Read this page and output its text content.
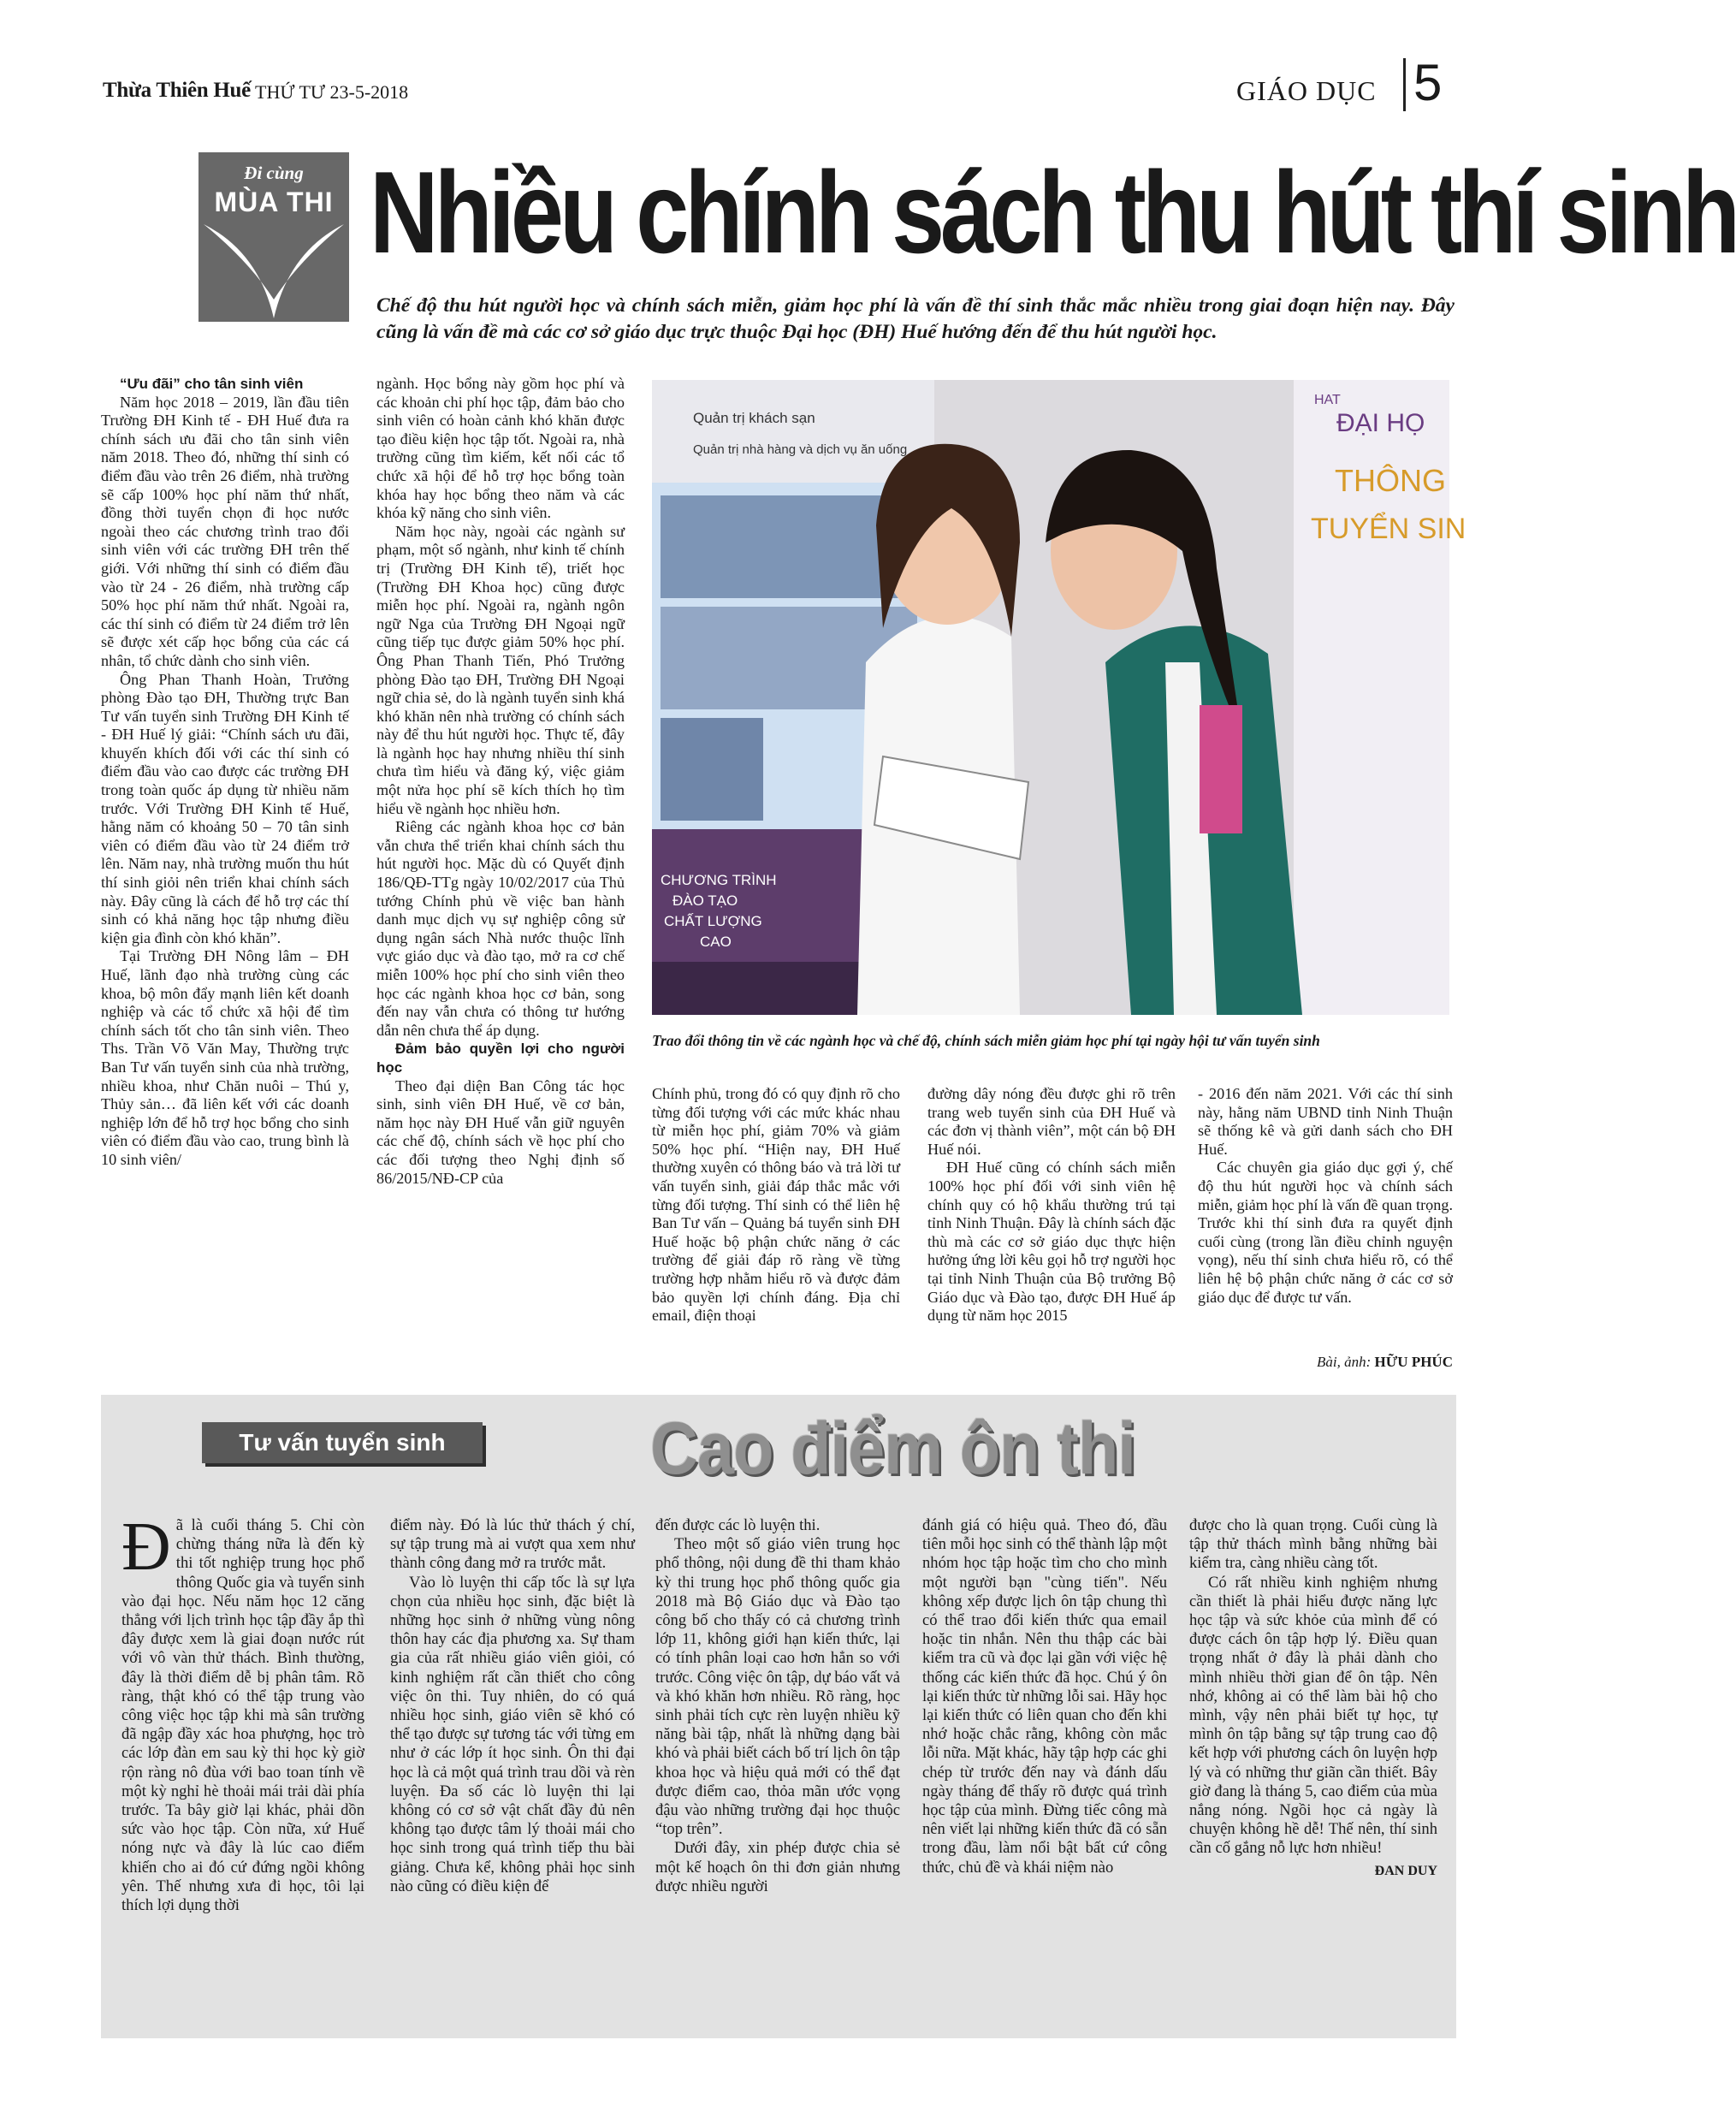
Thừa Thiên Huế THỨ TƯ 23-5-2018	GIÁO DỤC 5
Đi cùng
MÙA THI Nhiều chính sách thu hút thí sinh
Chế độ thu hút người học và chính sách miễn, giảm học phí là vấn đề thí sinh thắc mắc nhiều trong giai đoạn hiện nay. Đây cũng là vấn đề mà các cơ sở giáo dục trực thuộc Đại học (ĐH) Huế hướng đến để thu hút người học.

“Ưu đãi” cho tân sinh viên

Năm học 2018 – 2019, lần đầu tiên Trường ĐH Kinh tế - ĐH Huế đưa ra chính sách ưu đãi cho tân sinh viên năm 2018. Theo đó, những thí sinh có điểm đầu vào trên 26 điểm, nhà trường sẽ cấp 100% học phí năm thứ nhất, đồng thời tuyển chọn đi học nước ngoài theo các chương trình trao đổi sinh viên với các trường ĐH trên thế giới. Với những thí sinh có điểm đầu vào từ 24 - 26 điểm, nhà trường cấp 50% học phí năm thứ nhất. Ngoài ra, các thí sinh có điểm từ 24 điểm trở lên sẽ được xét cấp học bổng của các cá nhân, tổ chức dành cho sinh viên.

Ông Phan Thanh Hoàn, Trưởng phòng Đào tạo ĐH, Thường trực Ban Tư vấn tuyển sinh Trường ĐH Kinh tế - ĐH Huế lý giải: “Chính sách ưu đãi, khuyến khích đối với các thí sinh có điểm đầu vào cao được các trường ĐH trong toàn quốc áp dụng từ nhiều năm trước. Với Trường ĐH Kinh tế Huế, hằng năm có khoảng 50 – 70 tân sinh viên có điểm đầu vào từ 24 điểm trở lên. Năm nay, nhà trường muốn thu hút thí sinh giỏi nên triển khai chính sách này. Đây cũng là cách để hỗ trợ các thí sinh có khả năng học tập nhưng điều kiện gia đình còn khó khăn”.

Tại Trường ĐH Nông lâm – ĐH Huế, lãnh đạo nhà trường cùng các khoa, bộ môn đẩy mạnh liên kết doanh nghiệp và các tổ chức xã hội để tìm chính sách tốt cho tân sinh viên. Theo Ths. Trần Võ Văn May, Thường trực Ban Tư vấn tuyển sinh của nhà trường, nhiều khoa, như Chăn nuôi – Thú y, Thủy sản… đã liên kết với các doanh nghiệp lớn để hỗ trợ học bổng cho sinh viên có điểm đầu vào cao, trung bình là 10 sinh viên/

ngành. Học bổng này gồm học phí và các khoản chi phí học tập, đảm bảo cho sinh viên có hoàn cảnh khó khăn được tạo điều kiện học tập tốt. Ngoài ra, nhà trường cũng tìm kiếm, kết nối các tổ chức xã hội để hỗ trợ học bổng toàn khóa hay học bổng theo năm và các khóa kỹ năng cho sinh viên.

Năm học này, ngoài các ngành sư phạm, một số ngành, như kinh tế chính trị (Trường ĐH Kinh tế), triết học (Trường ĐH Khoa học) cũng được miễn học phí. Ngoài ra, ngành ngôn ngữ Nga của Trường ĐH Ngoại ngữ cũng tiếp tục được giảm 50% học phí. Ông Phan Thanh Tiến, Phó Trưởng phòng Đào tạo ĐH, Trường ĐH Ngoại ngữ chia sẻ, do là ngành tuyển sinh khá khó khăn nên nhà trường có chính sách này để thu hút người học. Thực tế, đây là ngành học hay nhưng nhiều thí sinh chưa tìm hiểu và đăng ký, việc giảm một nửa học phí sẽ kích thích họ tìm hiểu về ngành học nhiều hơn.

Riêng các ngành khoa học cơ bản vẫn chưa thể triển khai chính sách thu hút người học. Mặc dù có Quyết định 186/QĐ-TTg ngày 10/02/2017 của Thủ tướng Chính phủ về việc ban hành danh mục dịch vụ sự nghiệp công sử dụng ngân sách Nhà nước thuộc lĩnh vực giáo dục và đào tạo, mở ra cơ chế miễn 100% học phí cho sinh viên theo học các ngành khoa học cơ bản, song đến nay vẫn chưa có thông tư hướng dẫn nên chưa thể áp dụng.

Đảm bảo quyền lợi cho người học

Theo đại diện Ban Công tác học sinh, sinh viên ĐH Huế, về cơ bản, năm học này ĐH Huế vẫn giữ nguyên các chế độ, chính sách về học phí cho các đối tượng theo Nghị định số 86/2015/NĐ-CP của

Quản trị khách sạn
Quản trị nhà hàng và dịch vụ ăn uống
CHƯƠNG TRÌNH
ĐÀO TẠO
CHẤT LƯỢNG
CAO
ĐẠI HỌ
THÔNG
TUYỂN SIN
HAT
Trao đổi thông tin về các ngành học và chế độ, chính sách miễn giảm học phí tại ngày hội tư vấn tuyển sinh

Chính phủ, trong đó có quy định rõ cho từng đối tượng với các mức khác nhau từ miễn học phí, giảm 70% và giảm 50% học phí. “Hiện nay, ĐH Huế thường xuyên có thông báo và trả lời tư vấn tuyển sinh, giải đáp thắc mắc với từng đối tượng. Thí sinh có thể liên hệ Ban Tư vấn – Quảng bá tuyển sinh ĐH Huế hoặc bộ phận chức năng ở các trường để giải đáp rõ ràng về từng trường hợp nhằm hiểu rõ và được đảm bảo quyền lợi chính đáng. Địa chỉ email, điện thoại

đường dây nóng đều được ghi rõ trên trang web tuyển sinh của ĐH Huế và các đơn vị thành viên”, một cán bộ ĐH Huế nói.

ĐH Huế cũng có chính sách miễn 100% học phí đối với sinh viên hệ chính quy có hộ khẩu thường trú tại tỉnh Ninh Thuận. Đây là chính sách đặc thù mà các cơ sở giáo dục thực hiện hưởng ứng lời kêu gọi hỗ trợ người học tại tỉnh Ninh Thuận của Bộ trưởng Bộ Giáo dục và Đào tạo, được ĐH Huế áp dụng từ năm học 2015

- 2016 đến năm 2021. Với các thí sinh này, hằng năm UBND tỉnh Ninh Thuận sẽ thống kê và gửi danh sách cho ĐH Huế.

Các chuyên gia giáo dục gợi ý, chế độ thu hút người học và chính sách miễn, giảm học phí là vấn đề quan trọng. Trước khi thí sinh đưa ra quyết định cuối cùng (trong lần điều chỉnh nguyện vọng), nếu thí sinh chưa hiểu rõ, có thể liên hệ bộ phận chức năng ở các cơ sở giáo dục để được tư vấn.

Bài, ảnh: HỮU PHÚC
Tư vấn tuyển sinh	Cao điểm ôn thi

Đã là cuối tháng 5. Chỉ còn chừng tháng nữa là đến kỳ thi tốt nghiệp trung học phổ thông Quốc gia và tuyển sinh vào đại học. Nếu năm học 12 căng thẳng với lịch trình học tập đầy ắp thì đây được xem là giai đoạn nước rút với vô vàn thử thách. Bình thường, đây là thời điểm dễ bị phân tâm. Rõ ràng, thật khó có thể tập trung vào công việc học tập khi mà sân trường đã ngập đầy xác hoa phượng, học trò các lớp đàn em sau kỳ thi học kỳ giờ rộn ràng nô đùa với bao toan tính về một kỳ nghỉ hè thoải mái trải dài phía trước. Ta bây giờ lại khác, phải dồn sức vào học tập. Còn nữa, xứ Huế nóng nực và đây là lúc cao điểm khiến cho ai đó cứ đứng ngồi không yên. Thế nhưng xưa đi học, tôi lại thích lợi dụng thời

điểm này. Đó là lúc thử thách ý chí, sự tập trung mà ai vượt qua xem như thành công đang mở ra trước mắt.

Vào lò luyện thi cấp tốc là sự lựa chọn của nhiều học sinh, đặc biệt là những học sinh ở những vùng nông thôn hay các địa phương xa. Sự tham gia của rất nhiều giáo viên giỏi, có kinh nghiệm rất cần thiết cho công việc ôn thi. Tuy nhiên, do có quá nhiều học sinh, giáo viên sẽ khó có thể tạo được sự tương tác với từng em như ở các lớp ít học sinh. Ôn thi đại học là cả một quá trình trau dồi và rèn luyện. Đa số các lò luyện thi lại không có cơ sở vật chất đầy đủ nên không tạo được tâm lý thoải mái cho học sinh trong quá trình tiếp thu bài giảng. Chưa kể, không phải học sinh nào cũng có điều kiện để

đến được các lò luyện thi.

Theo một số giáo viên trung học phổ thông, nội dung đề thi tham khảo kỳ thi trung học phổ thông quốc gia 2018 mà Bộ Giáo dục và Đào tạo công bố cho thấy có cả chương trình lớp 11, không giới hạn kiến thức, lại có tính phân loại cao hơn hẳn so với trước. Công việc ôn tập, dự báo vất vả và khó khăn hơn nhiều. Rõ ràng, học sinh phải tích cực rèn luyện nhiều kỹ năng bài tập, nhất là những dạng bài khó và phải biết cách bố trí lịch ôn tập khoa học và hiệu quả mới có thể đạt được điểm cao, thỏa mãn ước vọng đậu vào những trường đại học thuộc “top trên”.

Dưới đây, xin phép được chia sẻ một kế hoạch ôn thi đơn giản nhưng được nhiều người

đánh giá có hiệu quả. Theo đó, đầu tiên mỗi học sinh có thể thành lập một nhóm học tập hoặc tìm cho cho mình một người bạn "cùng tiến". Nếu không xếp được lịch ôn tập chung thì có thể trao đổi kiến thức qua email hoặc tin nhắn. Nên thu thập các bài kiểm tra cũ và đọc lại gần với việc hệ thống các kiến thức đã học. Chú ý ôn lại kiến thức từ những lỗi sai. Hãy học lại kiến thức có liên quan cho đến khi nhớ hoặc chắc rằng, không còn mắc lỗi nữa. Mặt khác, hãy tập hợp các ghi chép từ trước đến nay và đánh dấu ngày tháng để thấy rõ được quá trình học tập của mình. Đừng tiếc công mà nên viết lại những kiến thức đã có sẵn trong đầu, làm nổi bật bất cứ công thức, chủ đề và khái niệm nào

được cho là quan trọng. Cuối cùng là tập thử thách mình bằng những bài kiểm tra, càng nhiều càng tốt.

Có rất nhiều kinh nghiệm nhưng cần thiết là phải hiểu được năng lực học tập và sức khỏe của mình để có được cách ôn tập hợp lý. Điều quan trọng nhất ở đây là phải dành cho mình nhiều thời gian để ôn tập. Nên nhớ, không ai có thể làm bài hộ cho mình, vậy nên phải biết tự học, tự mình ôn tập bằng sự tập trung cao độ kết hợp với phương cách ôn luyện hợp lý và có những thư giãn cần thiết. Bây giờ đang là tháng 5, cao điểm của mùa nắng nóng. Ngồi học cả ngày là chuyện không hề dễ! Thế nên, thí sinh cần cố gắng nỗ lực hơn nhiều!

ĐAN DUY
